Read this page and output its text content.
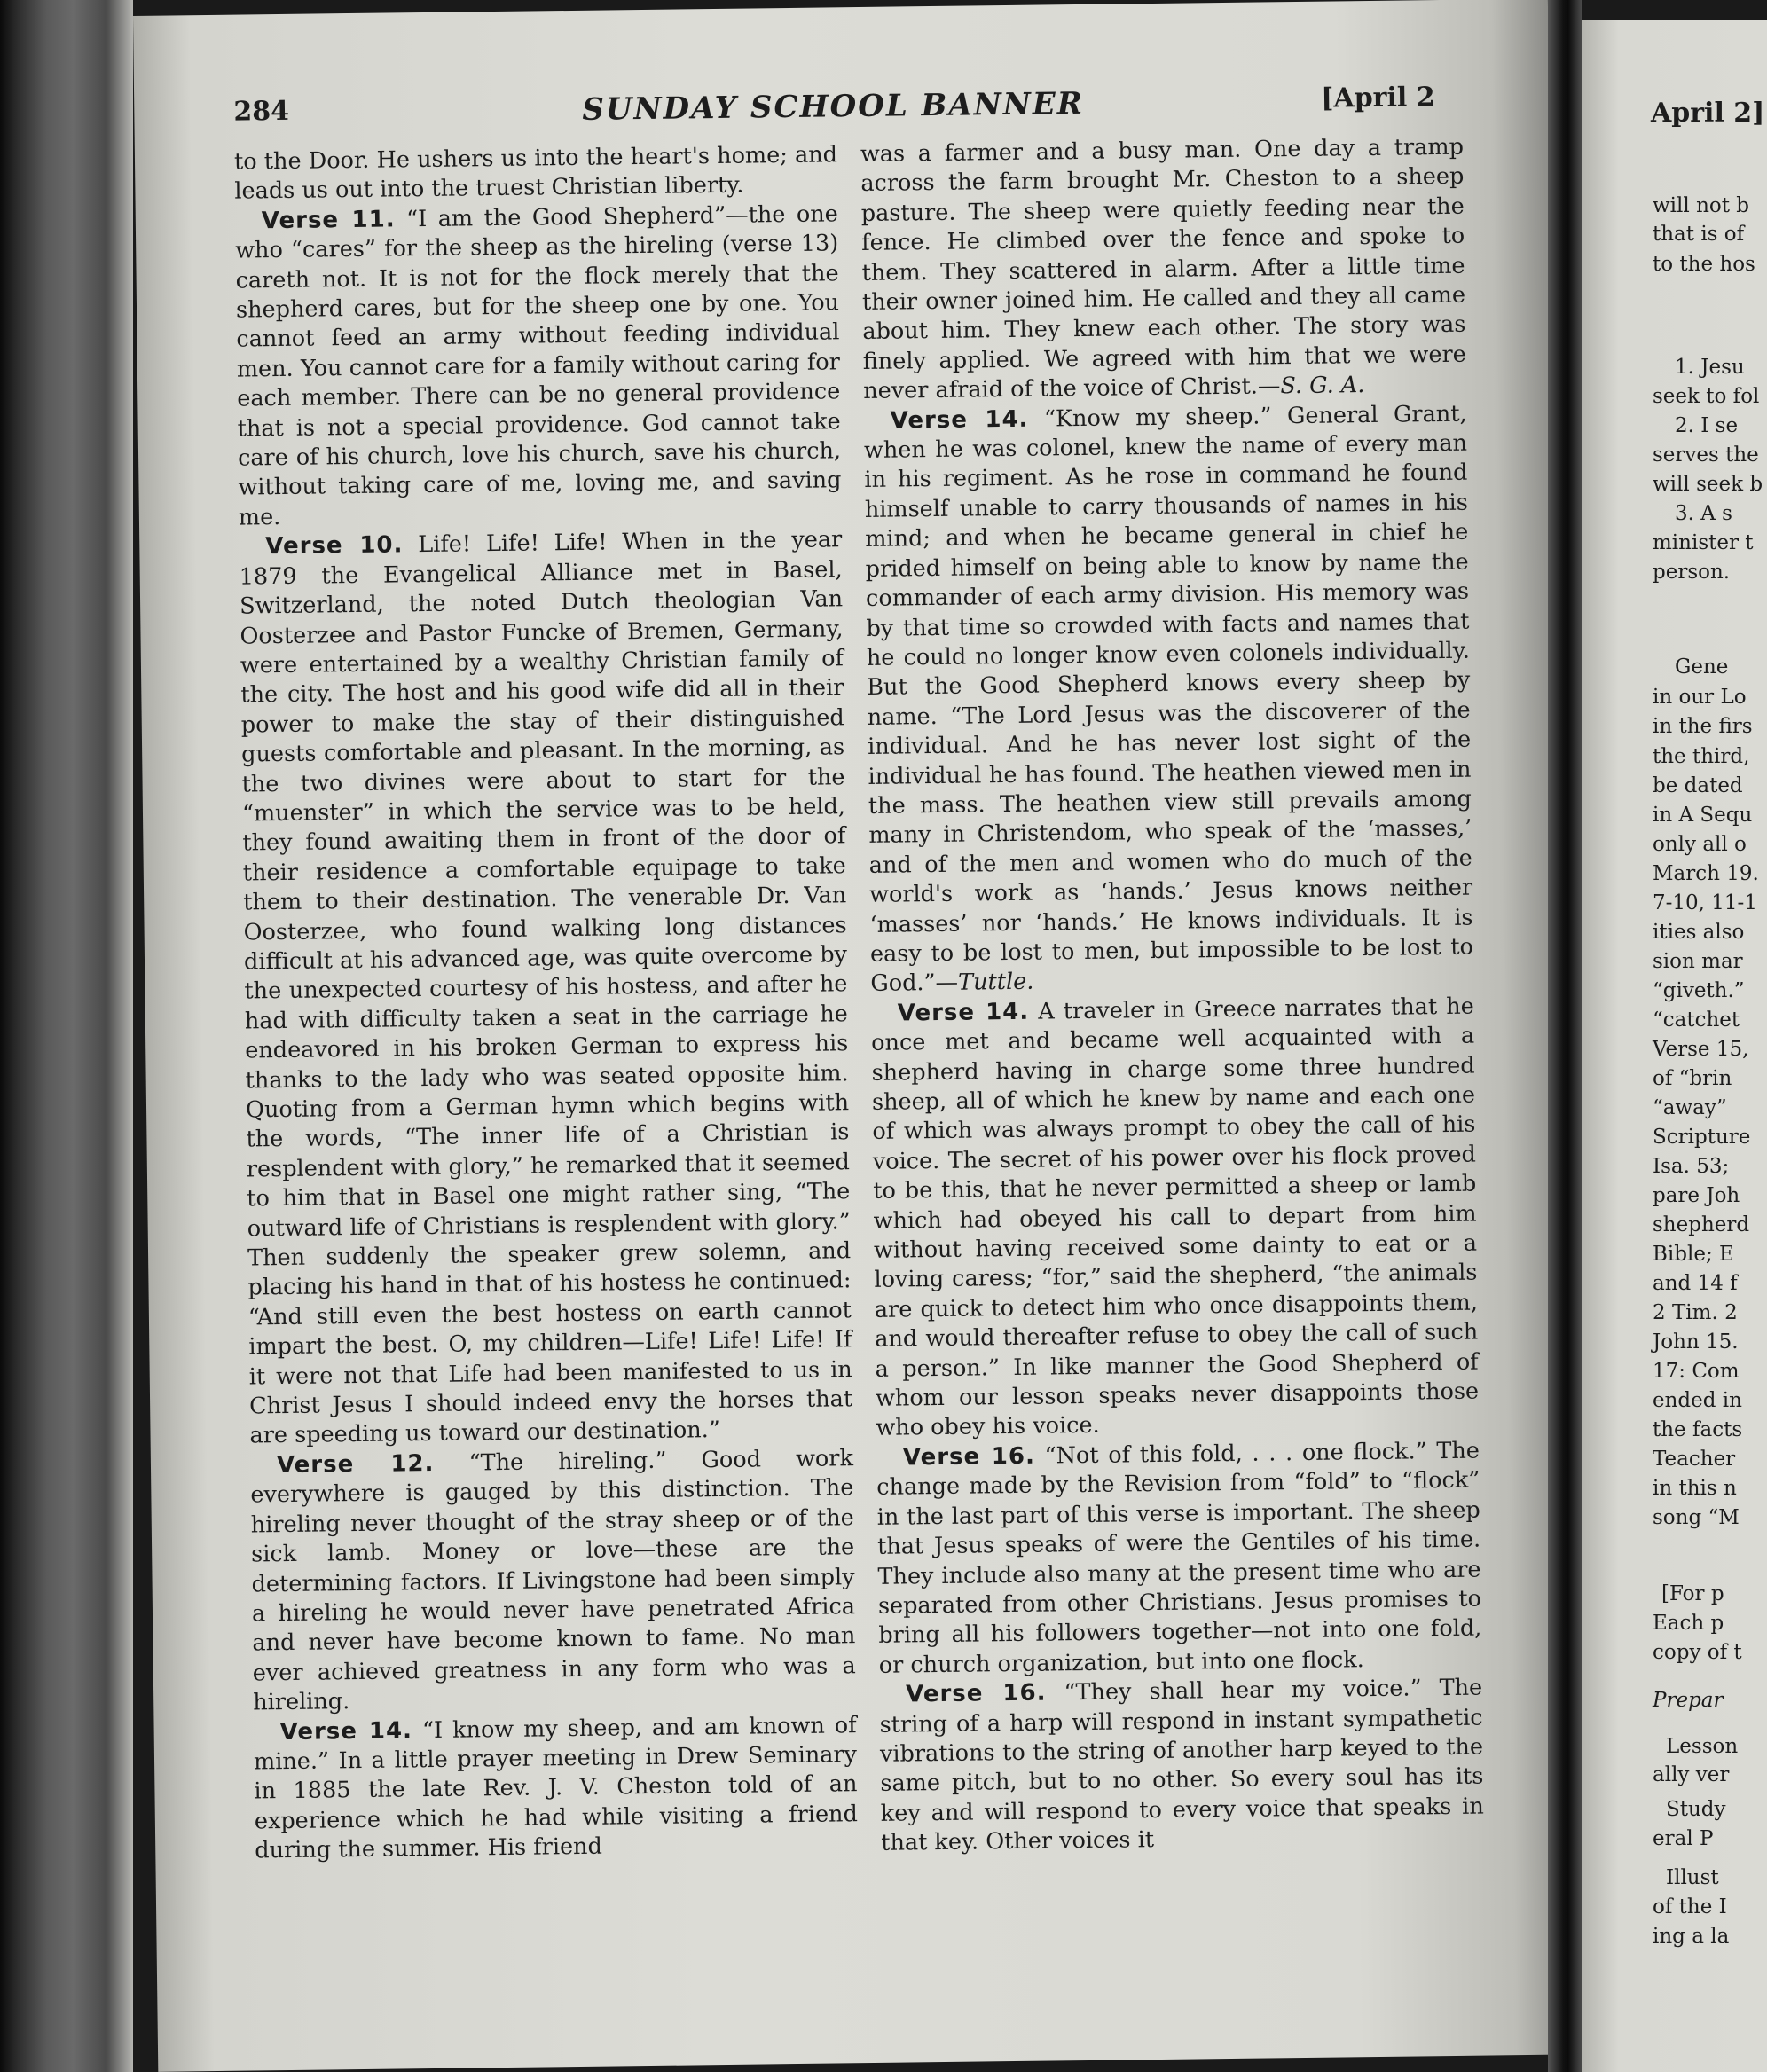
284	SUNDAY SCHOOL BANNER	[April 2

to the Door. He ushers us into the heart's home; and leads us out into the truest Christian liberty.

Verse 11. “I am the Good Shepherd”—the one who “cares” for the sheep as the hireling (verse 13) careth not. It is not for the flock merely that the shepherd cares, but for the sheep one by one. You cannot feed an army without feeding individual men. You cannot care for a family without caring for each member. There can be no general providence that is not a special providence. God cannot take care of his church, love his church, save his church, without taking care of me, loving me, and saving me.

Verse 10. Life! Life! Life! When in the year 1879 the Evangelical Alliance met in Basel, Switzerland, the noted Dutch theologian Van Oosterzee and Pastor Funcke of Bremen, Germany, were entertained by a wealthy Christian family of the city. The host and his good wife did all in their power to make the stay of their distinguished guests comfortable and pleasant. In the morning, as the two divines were about to start for the “muenster” in which the service was to be held, they found awaiting them in front of the door of their residence a comfortable equipage to take them to their destination. The venerable Dr. Van Oosterzee, who found walking long distances difficult at his advanced age, was quite overcome by the unexpected courtesy of his hostess, and after he had with difficulty taken a seat in the carriage he endeavored in his broken German to express his thanks to the lady who was seated opposite him. Quoting from a German hymn which begins with the words, “The inner life of a Christian is resplendent with glory,” he remarked that it seemed to him that in Basel one might rather sing, “The outward life of Christians is resplendent with glory.” Then suddenly the speaker grew solemn, and placing his hand in that of his hostess he continued: “And still even the best hostess on earth cannot impart the best. O, my children—Life! Life! Life! If it were not that Life had been manifested to us in Christ Jesus I should indeed envy the horses that are speeding us toward our destination.”

Verse 12. “The hireling.” Good work everywhere is gauged by this distinction. The hireling never thought of the stray sheep or of the sick lamb. Money or love—these are the determining factors. If Livingstone had been simply a hireling he would never have penetrated Africa and never have become known to fame. No man ever achieved greatness in any form who was a hireling.

Verse 14. “I know my sheep, and am known of mine.” In a little prayer meeting in Drew Seminary in 1885 the late Rev. J. V. Cheston told of an experience which he had while visiting a friend during the summer. His friend

was a farmer and a busy man. One day a tramp across the farm brought Mr. Cheston to a sheep pasture. The sheep were quietly feeding near the fence. He climbed over the fence and spoke to them. They scattered in alarm. After a little time their owner joined him. He called and they all came about him. They knew each other. The story was finely applied. We agreed with him that we were never afraid of the voice of Christ.—S. G. A.

Verse 14. “Know my sheep.” General Grant, when he was colonel, knew the name of every man in his regiment. As he rose in command he found himself unable to carry thousands of names in his mind; and when he became general in chief he prided himself on being able to know by name the commander of each army division. His memory was by that time so crowded with facts and names that he could no longer know even colonels individually. But the Good Shepherd knows every sheep by name. “The Lord Jesus was the discoverer of the individual. And he has never lost sight of the individual he has found. The heathen viewed men in the mass. The heathen view still prevails among many in Christendom, who speak of the ‘masses,’ and of the men and women who do much of the world's work as ‘hands.’ Jesus knows neither ‘masses’ nor ‘hands.’ He knows individuals. It is easy to be lost to men, but impossible to be lost to God.”—Tuttle.

Verse 14. A traveler in Greece narrates that he once met and became well acquainted with a shepherd having in charge some three hundred sheep, all of which he knew by name and each one of which was always prompt to obey the call of his voice. The secret of his power over his flock proved to be this, that he never permitted a sheep or lamb which had obeyed his call to depart from him without having received some dainty to eat or a loving caress; “for,” said the shepherd, “the animals are quick to detect him who once disappoints them, and would thereafter refuse to obey the call of such a person.” In like manner the Good Shepherd of whom our lesson speaks never disappoints those who obey his voice.

Verse 16. “Not of this fold, . . . one flock.” The change made by the Revision from “fold” to “flock” in the last part of this verse is important. The sheep that Jesus speaks of were the Gentiles of his time. They include also many at the present time who are separated from other Christians. Jesus promises to bring all his followers together—not into one fold, or church organization, but into one flock.

Verse 16. “They shall hear my voice.” The string of a harp will respond in instant sympathetic vibrations to the string of another harp keyed to the same pitch, but to no other. So every soul has its key and will respond to every voice that speaks in that key. Other voices it

April 2]
will not b
that is of
to the hos
1. Jesu
seek to fol
2. I se
serves the
will seek b
3. A s
minister t
person.
Gene
in our Lo
in the firs
the third,
be dated
in A Sequ
only all o
March 19.
7-10, 11-1
ities also
sion mar
“giveth.”
“catchet
Verse 15,
of “brin
“away”
Scripture
Isa. 53;
pare Joh
shepherd
Bible; E
and 14 f
2 Tim. 2
John 15.
17: Com
ended in
the facts
Teacher
in this n
song “M
[For p
Each p
copy of t
Prepar
Lesson
ally ver
Study
eral P
Illust
of the I
ing a la
